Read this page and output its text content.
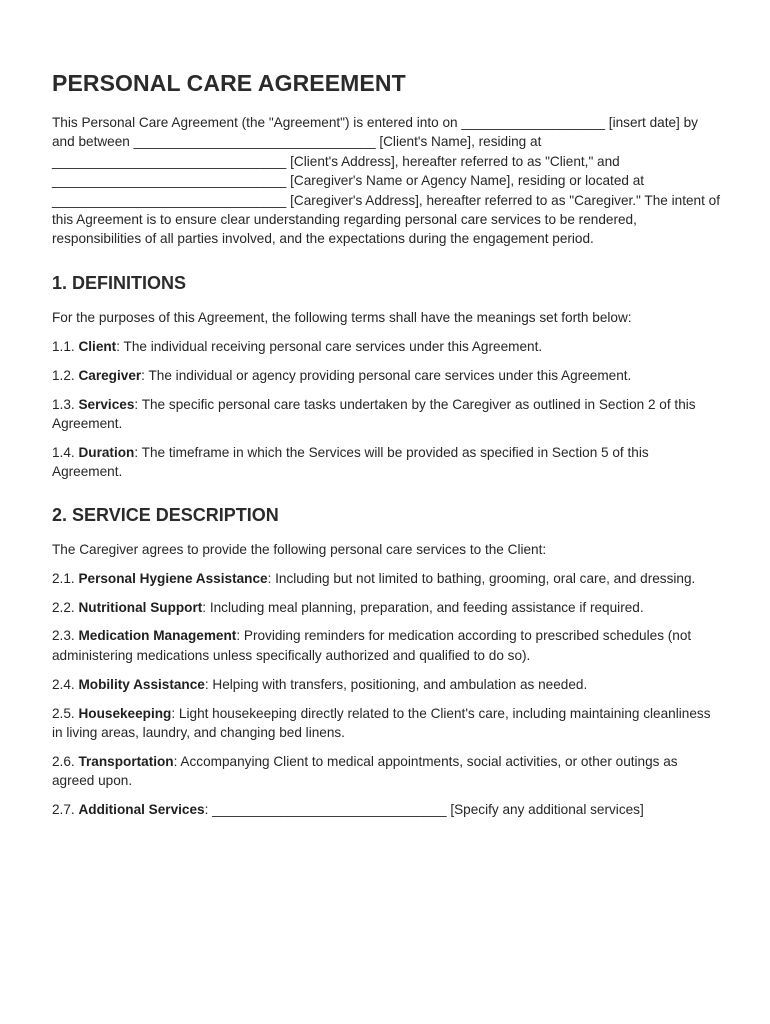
PERSONAL CARE AGREEMENT

This Personal Care Agreement (the "Agreement") is entered into on ___________________ [insert date] by and between ________________________________ [Client's Name], residing at _______________________________ [Client's Address], hereafter referred to as "Client," and _______________________________ [Caregiver's Name or Agency Name], residing or located at _______________________________ [Caregiver's Address], hereafter referred to as "Caregiver." The intent of this Agreement is to ensure clear understanding regarding personal care services to be rendered, responsibilities of all parties involved, and the expectations during the engagement period.

1. DEFINITIONS

For the purposes of this Agreement, the following terms shall have the meanings set forth below:

1.1. Client: The individual receiving personal care services under this Agreement.

1.2. Caregiver: The individual or agency providing personal care services under this Agreement.

1.3. Services: The specific personal care tasks undertaken by the Caregiver as outlined in Section 2 of this Agreement.

1.4. Duration: The timeframe in which the Services will be provided as specified in Section 5 of this Agreement.

2. SERVICE DESCRIPTION

The Caregiver agrees to provide the following personal care services to the Client:

2.1. Personal Hygiene Assistance: Including but not limited to bathing, grooming, oral care, and dressing.

2.2. Nutritional Support: Including meal planning, preparation, and feeding assistance if required.

2.3. Medication Management: Providing reminders for medication according to prescribed schedules (not administering medications unless specifically authorized and qualified to do so).

2.4. Mobility Assistance: Helping with transfers, positioning, and ambulation as needed.

2.5. Housekeeping: Light housekeeping directly related to the Client's care, including maintaining cleanliness in living areas, laundry, and changing bed linens.

2.6. Transportation: Accompanying Client to medical appointments, social activities, or other outings as agreed upon.

2.7. Additional Services: _______________________________ [Specify any additional services]
